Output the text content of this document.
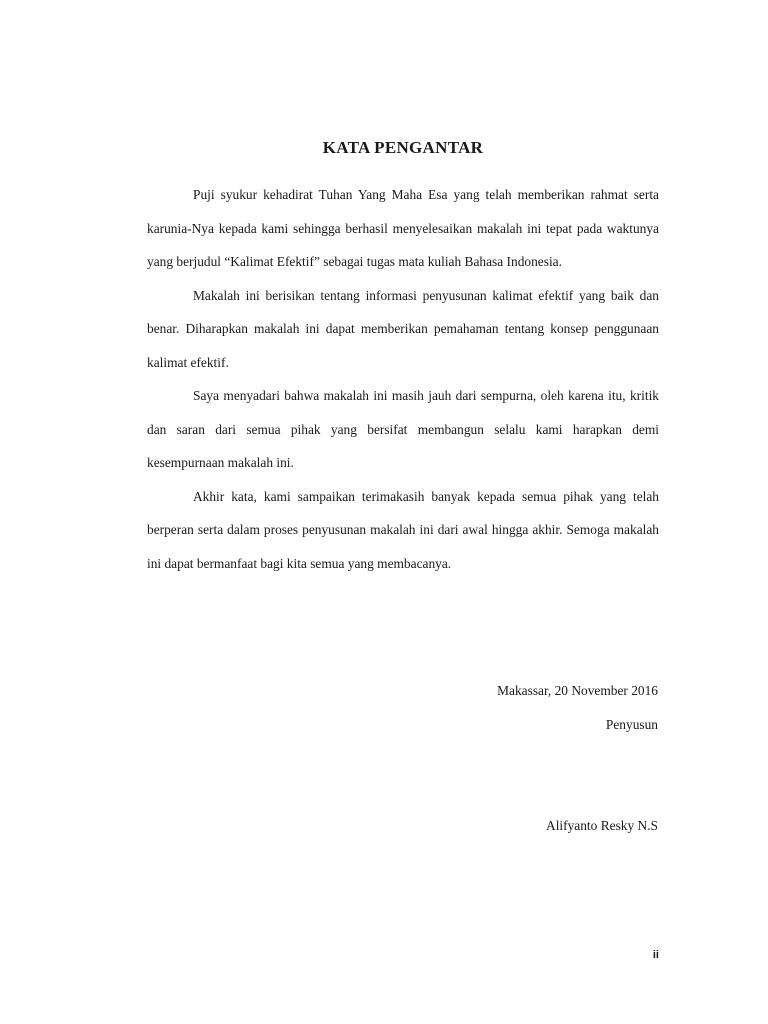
KATA PENGANTAR

Puji syukur kehadirat Tuhan Yang Maha Esa yang telah memberikan rahmat serta karunia-Nya kepada kami sehingga berhasil menyelesaikan makalah ini tepat pada waktunya yang berjudul “Kalimat Efektif” sebagai tugas mata kuliah Bahasa Indonesia.

Makalah ini berisikan tentang informasi penyusunan kalimat efektif yang baik dan benar. Diharapkan makalah ini dapat memberikan pemahaman tentang konsep penggunaan kalimat efektif.

Saya menyadari bahwa makalah ini masih jauh dari sempurna, oleh karena itu, kritik dan saran dari semua pihak yang bersifat membangun selalu kami harapkan demi kesempurnaan makalah ini.

Akhir kata, kami sampaikan terimakasih banyak kepada semua pihak yang telah berperan serta dalam proses penyusunan makalah ini dari awal hingga akhir. Semoga makalah ini dapat bermanfaat bagi kita semua yang membacanya.

Makassar, 20 November 2016

Penyusun

Alifyanto Resky N.S

ii
